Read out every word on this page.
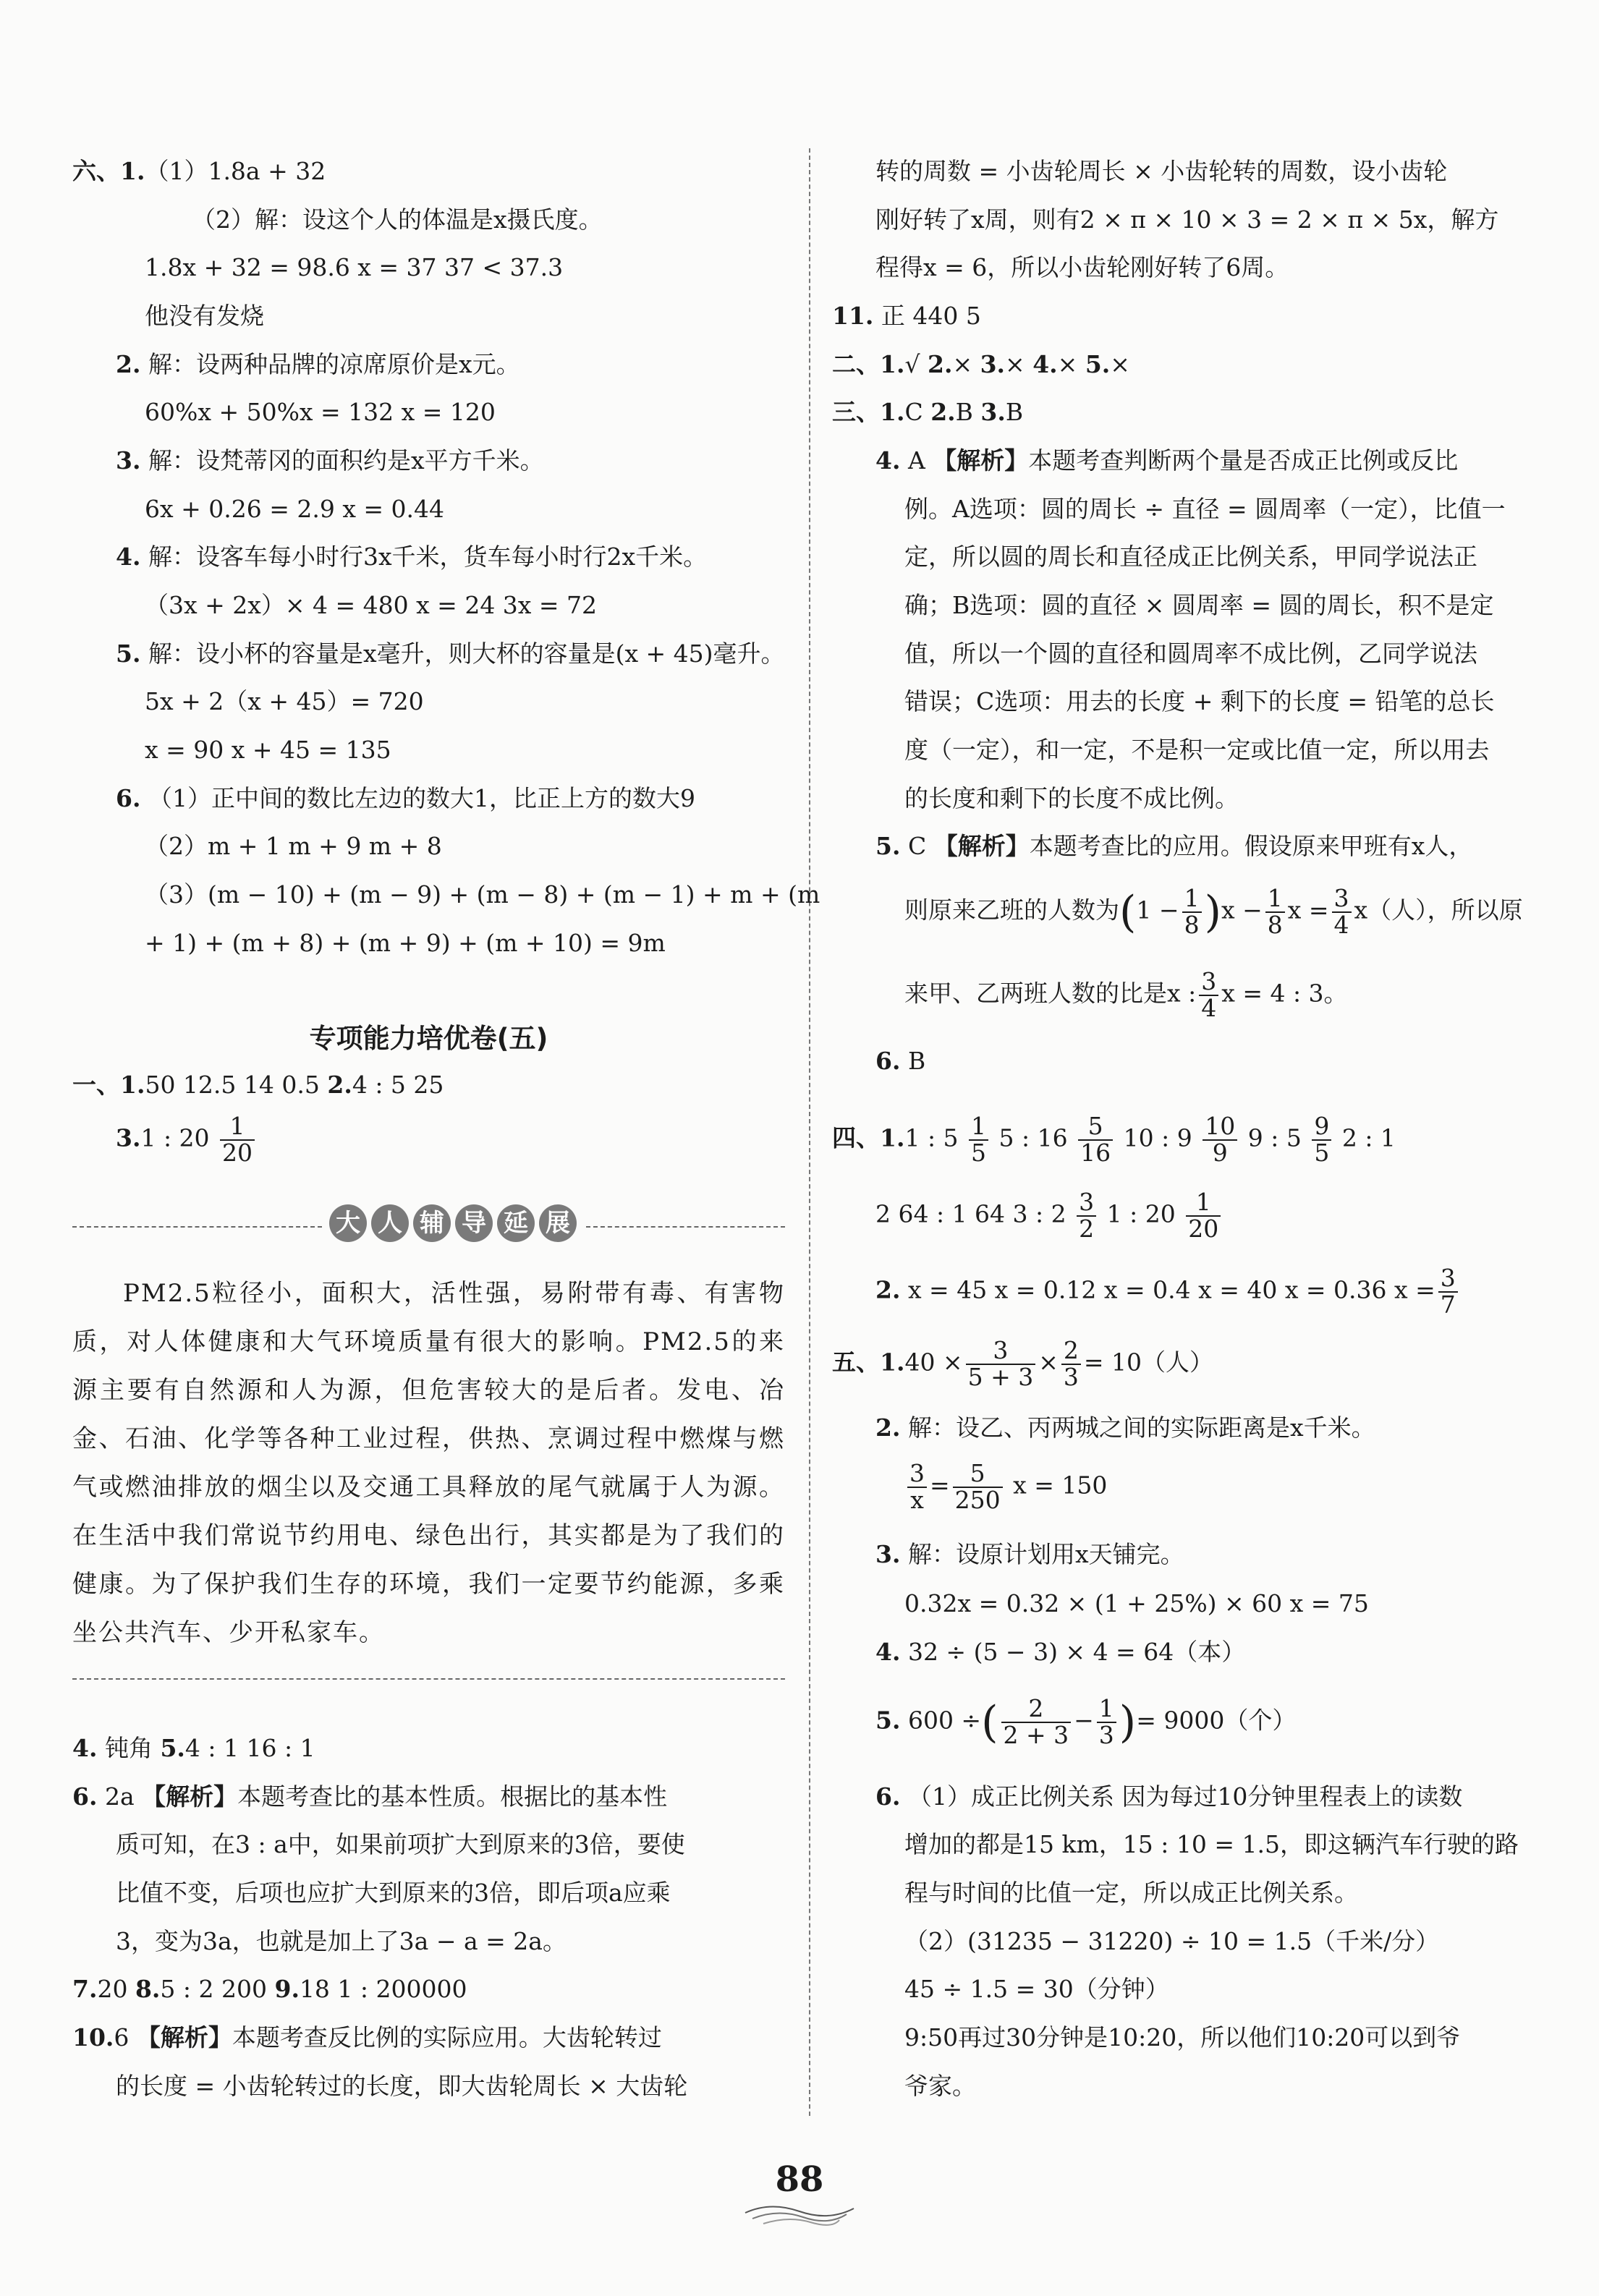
六、1.（1）1.8a + 32
（2）解：设这个人的体温是x摄氏度。
1.8x + 32 = 98.6 x = 37 37 < 37.3
他没有发烧
2. 解：设两种品牌的凉席原价是x元。
60%x + 50%x = 132 x = 120
3. 解：设梵蒂冈的面积约是x平方千米。
6x + 0.26 = 2.9 x = 0.44
4. 解：设客车每小时行3x千米，货车每小时行2x千米。
（3x + 2x）× 4 = 480 x = 24 3x = 72
5. 解：设小杯的容量是x毫升，则大杯的容量是(x + 45)毫升。
5x + 2（x + 45）= 720
x = 90 x + 45 = 135
6. （1）正中间的数比左边的数大1，比正上方的数大9
（2）m + 1 m + 9 m + 8
（3）(m − 10) + (m − 9) + (m − 8) + (m − 1) + m + (m
+ 1) + (m + 8) + (m + 9) + (m + 10) = 9m
专项能力培优卷(五)
一、1.50 12.5 14 0.5 2.4 : 5 25
3.1 : $20 \frac{1}{20}$
大 人 辅 导 延 展

PM2.5粒径小，面积大，活性强，易附带有毒、有害物质，对人体健康和大气环境质量有很大的影响。PM2.5的来源主要有自然源和人为源，但危害较大的是后者。发电、冶金、石油、化学等各种工业过程，供热、烹调过程中燃煤与燃气或燃油排放的烟尘以及交通工具释放的尾气就属于人为源。在生活中我们常说节约用电、绿色出行，其实都是为了我们的健康。为了保护我们生存的环境，我们一定要节约能源，多乘坐公共汽车、少开私家车。

4. 钝角 5.4 : 1 16 : 1
6. 2a 【解析】本题考查比的基本性质。根据比的基本性
质可知，在3 : a中，如果前项扩大到原来的3倍，要使
比值不变，后项也应扩大到原来的3倍，即后项a应乘
3，变为3a，也就是加上了3a − a = 2a。
7.20 8.5 : 2 200 9.18 1 : 200000
10.6 【解析】本题考查反比例的实际应用。大齿轮转过
的长度 = 小齿轮转过的长度，即大齿轮周长 × 大齿轮
转的周数 = 小齿轮周长 × 小齿轮转的周数，设小齿轮
刚好转了x周，则有2 × π × 10 × 3 = 2 × π × 5x，解方
程得x = 6，所以小齿轮刚好转了6周。
11. 正 440 5
二、1.√ 2.× 3.× 4.× 5.×
三、1.C 2.B 3.B
4. A 【解析】本题考查判断两个量是否成正比例或反比
例。A选项：圆的周长 ÷ 直径 = 圆周率（一定），比值一
定，所以圆的周长和直径成正比例关系，甲同学说法正
确；B选项：圆的直径 × 圆周率 = 圆的周长，积不是定
值，所以一个圆的直径和圆周率不成比例，乙同学说法
错误；C选项：用去的长度 + 剩下的长度 = 铅笔的总长
度（一定），和一定，不是积一定或比值一定，所以用去
的长度和剩下的长度不成比例。
5. C 【解析】本题考查比的应用。假设原来甲班有x人，
则原来乙班的人数为$(1 - \frac{1}{8} )x - \frac{1}{8}$ $x = \frac{3}{4} x$（人），所以原
来甲、乙两班人数的比是x : $\frac{3}{4}$ x = 4 : 3。
6. B
四、1.1 : $5 \frac{1}{5} 5$ : $16 \frac{5}{16} 10$ : $9 \frac{10}{9} 9$ : $5 \frac{9}{5} 2$ : 1
2 64 : 1 64 3 : $2 \frac{3}{2} 1$ : $20 \frac{1}{20}$
2. x = 45 x = 0.12 x = 0.4 x = 40 x = 0.36 $x = \frac{3}{7}$
五、$1.40 \times \frac{3}{5 + 3} \times \frac{2}{3} = 10$（人）
2. 解：设乙、丙两城之间的实际距离是x千米。
$\frac{3}{x} = \frac{5}{250}$ x = 150
3. 解：设原计划用x天铺完。
0.32x = 0.32 × (1 + 25%) × 60 x = 75
4. 32 ÷ (5 − 3) × 4 = 64（本）
5. 600 ÷( $\frac{2}{2 + 3} - \frac{1}{3}$ )= 9000（个）
6. （1）成正比例关系 因为每过10分钟里程表上的读数
增加的都是15 km，15 : 10 = 1.5，即这辆汽车行驶的路
程与时间的比值一定，所以成正比例关系。
（2）(31235 − 31220) ÷ 10 = 1.5（千米/分）
45 ÷ 1.5 = 30（分钟）
9:50再过30分钟是10:20，所以他们10:20可以到爷
爷家。
88
